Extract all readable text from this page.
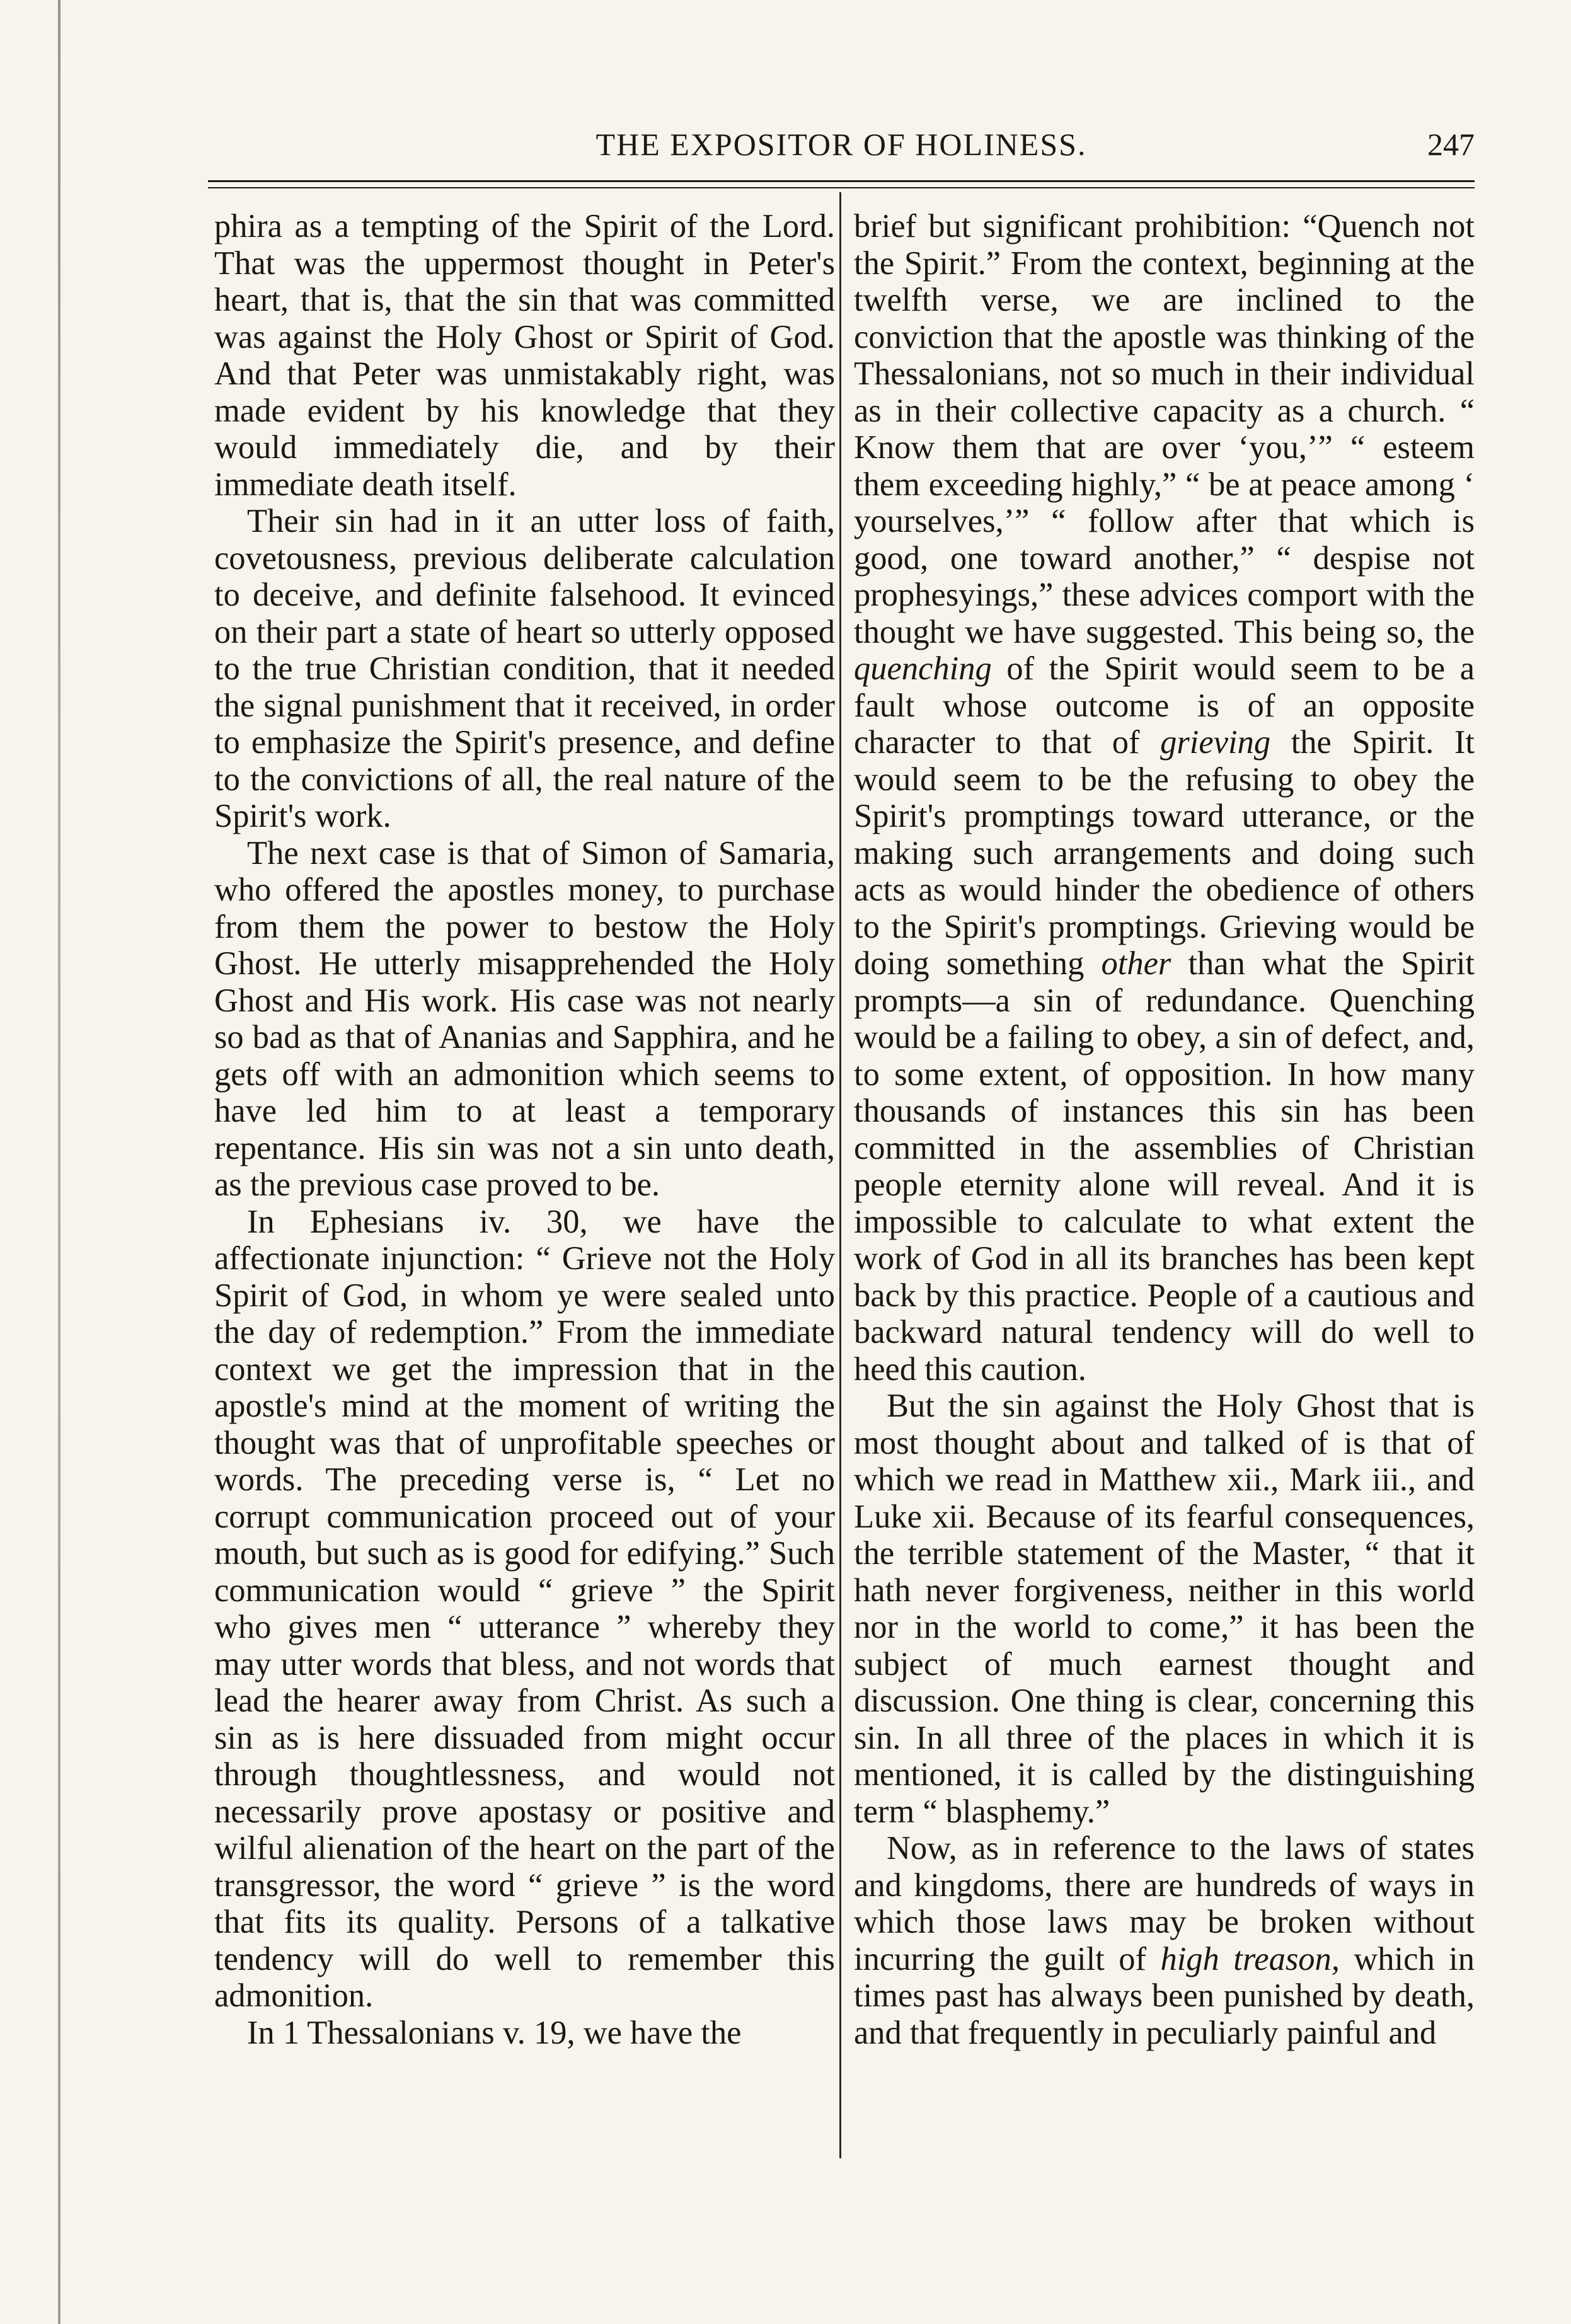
THE EXPOSITOR OF HOLINESS.	247

phira as a tempting of the Spirit of the Lord. That was the uppermost thought in Peter's heart, that is, that the sin that was committed was against the Holy Ghost or Spirit of God. And that Peter was unmistakably right, was made evident by his knowledge that they would immediately die, and by their immediate death itself.

Their sin had in it an utter loss of faith, covetousness, previous deliberate calculation to deceive, and definite falsehood. It evinced on their part a state of heart so utterly opposed to the true Christian condition, that it needed the signal punishment that it received, in order to emphasize the Spirit's presence, and define to the convictions of all, the real nature of the Spirit's work.

The next case is that of Simon of Samaria, who offered the apostles money, to purchase from them the power to bestow the Holy Ghost. He utterly misapprehended the Holy Ghost and His work. His case was not nearly so bad as that of Ananias and Sapphira, and he gets off with an admonition which seems to have led him to at least a temporary repentance. His sin was not a sin unto death, as the previous case proved to be.

In Ephesians iv. 30, we have the affectionate injunction: “ Grieve not the Holy Spirit of God, in whom ye were sealed unto the day of redemption.” From the immediate context we get the impression that in the apostle's mind at the moment of writing the thought was that of unprofitable speeches or words. The preceding verse is, “ Let no corrupt communication proceed out of your mouth, but such as is good for edifying.” Such communication would “ grieve ” the Spirit who gives men “ utterance ” whereby they may utter words that bless, and not words that lead the hearer away from Christ. As such a sin as is here dissuaded from might occur through thoughtlessness, and would not necessarily prove apostasy or positive and wilful alienation of the heart on the part of the transgressor, the word “ grieve ” is the word that fits its quality. Persons of a talkative tendency will do well to remember this admonition.

In 1 Thessalonians v. 19, we have the

brief but significant prohibition: “Quench not the Spirit.” From the context, beginning at the twelfth verse, we are inclined to the conviction that the apostle was thinking of the Thessalonians, not so much in their individual as in their collective capacity as a church. “ Know them that are over ‘you,’” “ esteem them exceeding highly,” “ be at peace among ‘ yourselves,’” “ follow after that which is good, one toward another,” “ despise not prophesyings,” these advices comport with the thought we have suggested. This being so, the quenching of the Spirit would seem to be a fault whose outcome is of an opposite character to that of grieving the Spirit. It would seem to be the refusing to obey the Spirit's promptings toward utterance, or the making such arrangements and doing such acts as would hinder the obedience of others to the Spirit's promptings. Grieving would be doing something other than what the Spirit prompts—a sin of redundance. Quenching would be a failing to obey, a sin of defect, and, to some extent, of opposition. In how many thousands of instances this sin has been committed in the assemblies of Christian people eternity alone will reveal. And it is impossible to calculate to what extent the work of God in all its branches has been kept back by this practice. People of a cautious and backward natural tendency will do well to heed this caution.

But the sin against the Holy Ghost that is most thought about and talked of is that of which we read in Matthew xii., Mark iii., and Luke xii. Because of its fearful consequences, the terrible statement of the Master, “ that it hath never forgiveness, neither in this world nor in the world to come,” it has been the subject of much earnest thought and discussion. One thing is clear, concerning this sin. In all three of the places in which it is mentioned, it is called by the distinguishing term “ blasphemy.”

Now, as in reference to the laws of states and kingdoms, there are hundreds of ways in which those laws may be broken without incurring the guilt of high treason, which in times past has always been punished by death, and that frequently in peculiarly painful and
